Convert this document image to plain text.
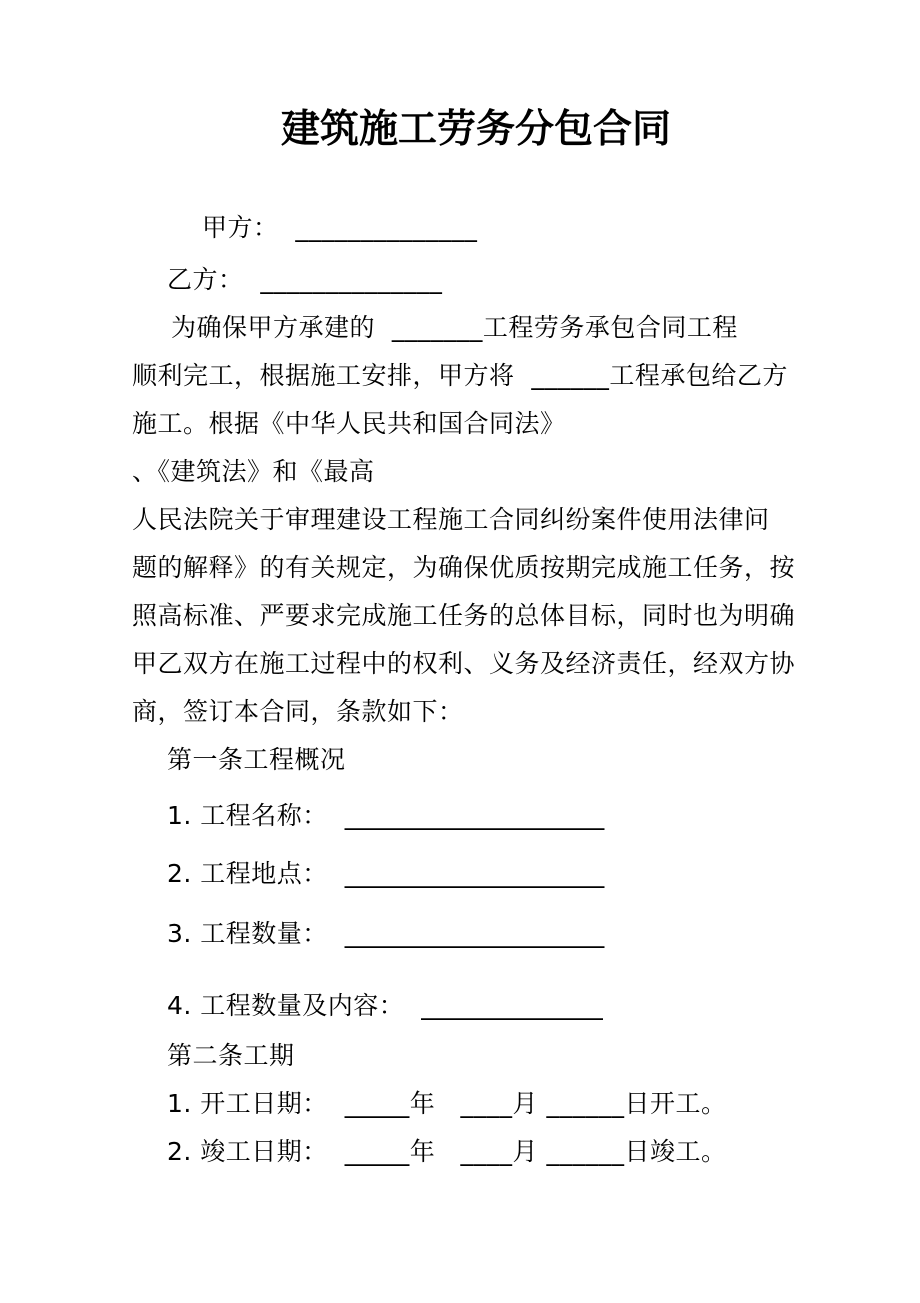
建筑施工劳务分包合同
甲方：  ______________
乙方：  ______________
为确保甲方承建的  _______工程劳务承包合同工程
顺利完工，根据施工安排，甲方将  ______工程承包给乙方
施工。根据《中华人民共和国合同法》
、《建筑法》和《最高
人民法院关于审理建设工程施工合同纠纷案件使用法律问
题的解释》的有关规定，为确保优质按期完成施工任务，按
照高标准、严要求完成施工任务的总体目标，同时也为明确
甲乙双方在施工过程中的权利、义务及经济责任，经双方协
商，签订本合同，条款如下：
第一条工程概况
1. 工程名称：  ____________________
2. 工程地点：  ____________________
3. 工程数量：  ____________________
4. 工程数量及内容：  ______________
第二条工期
1. 开工日期：  _____年   ____月 ______日开工。
2. 竣工日期：  _____年   ____月 ______日竣工。
